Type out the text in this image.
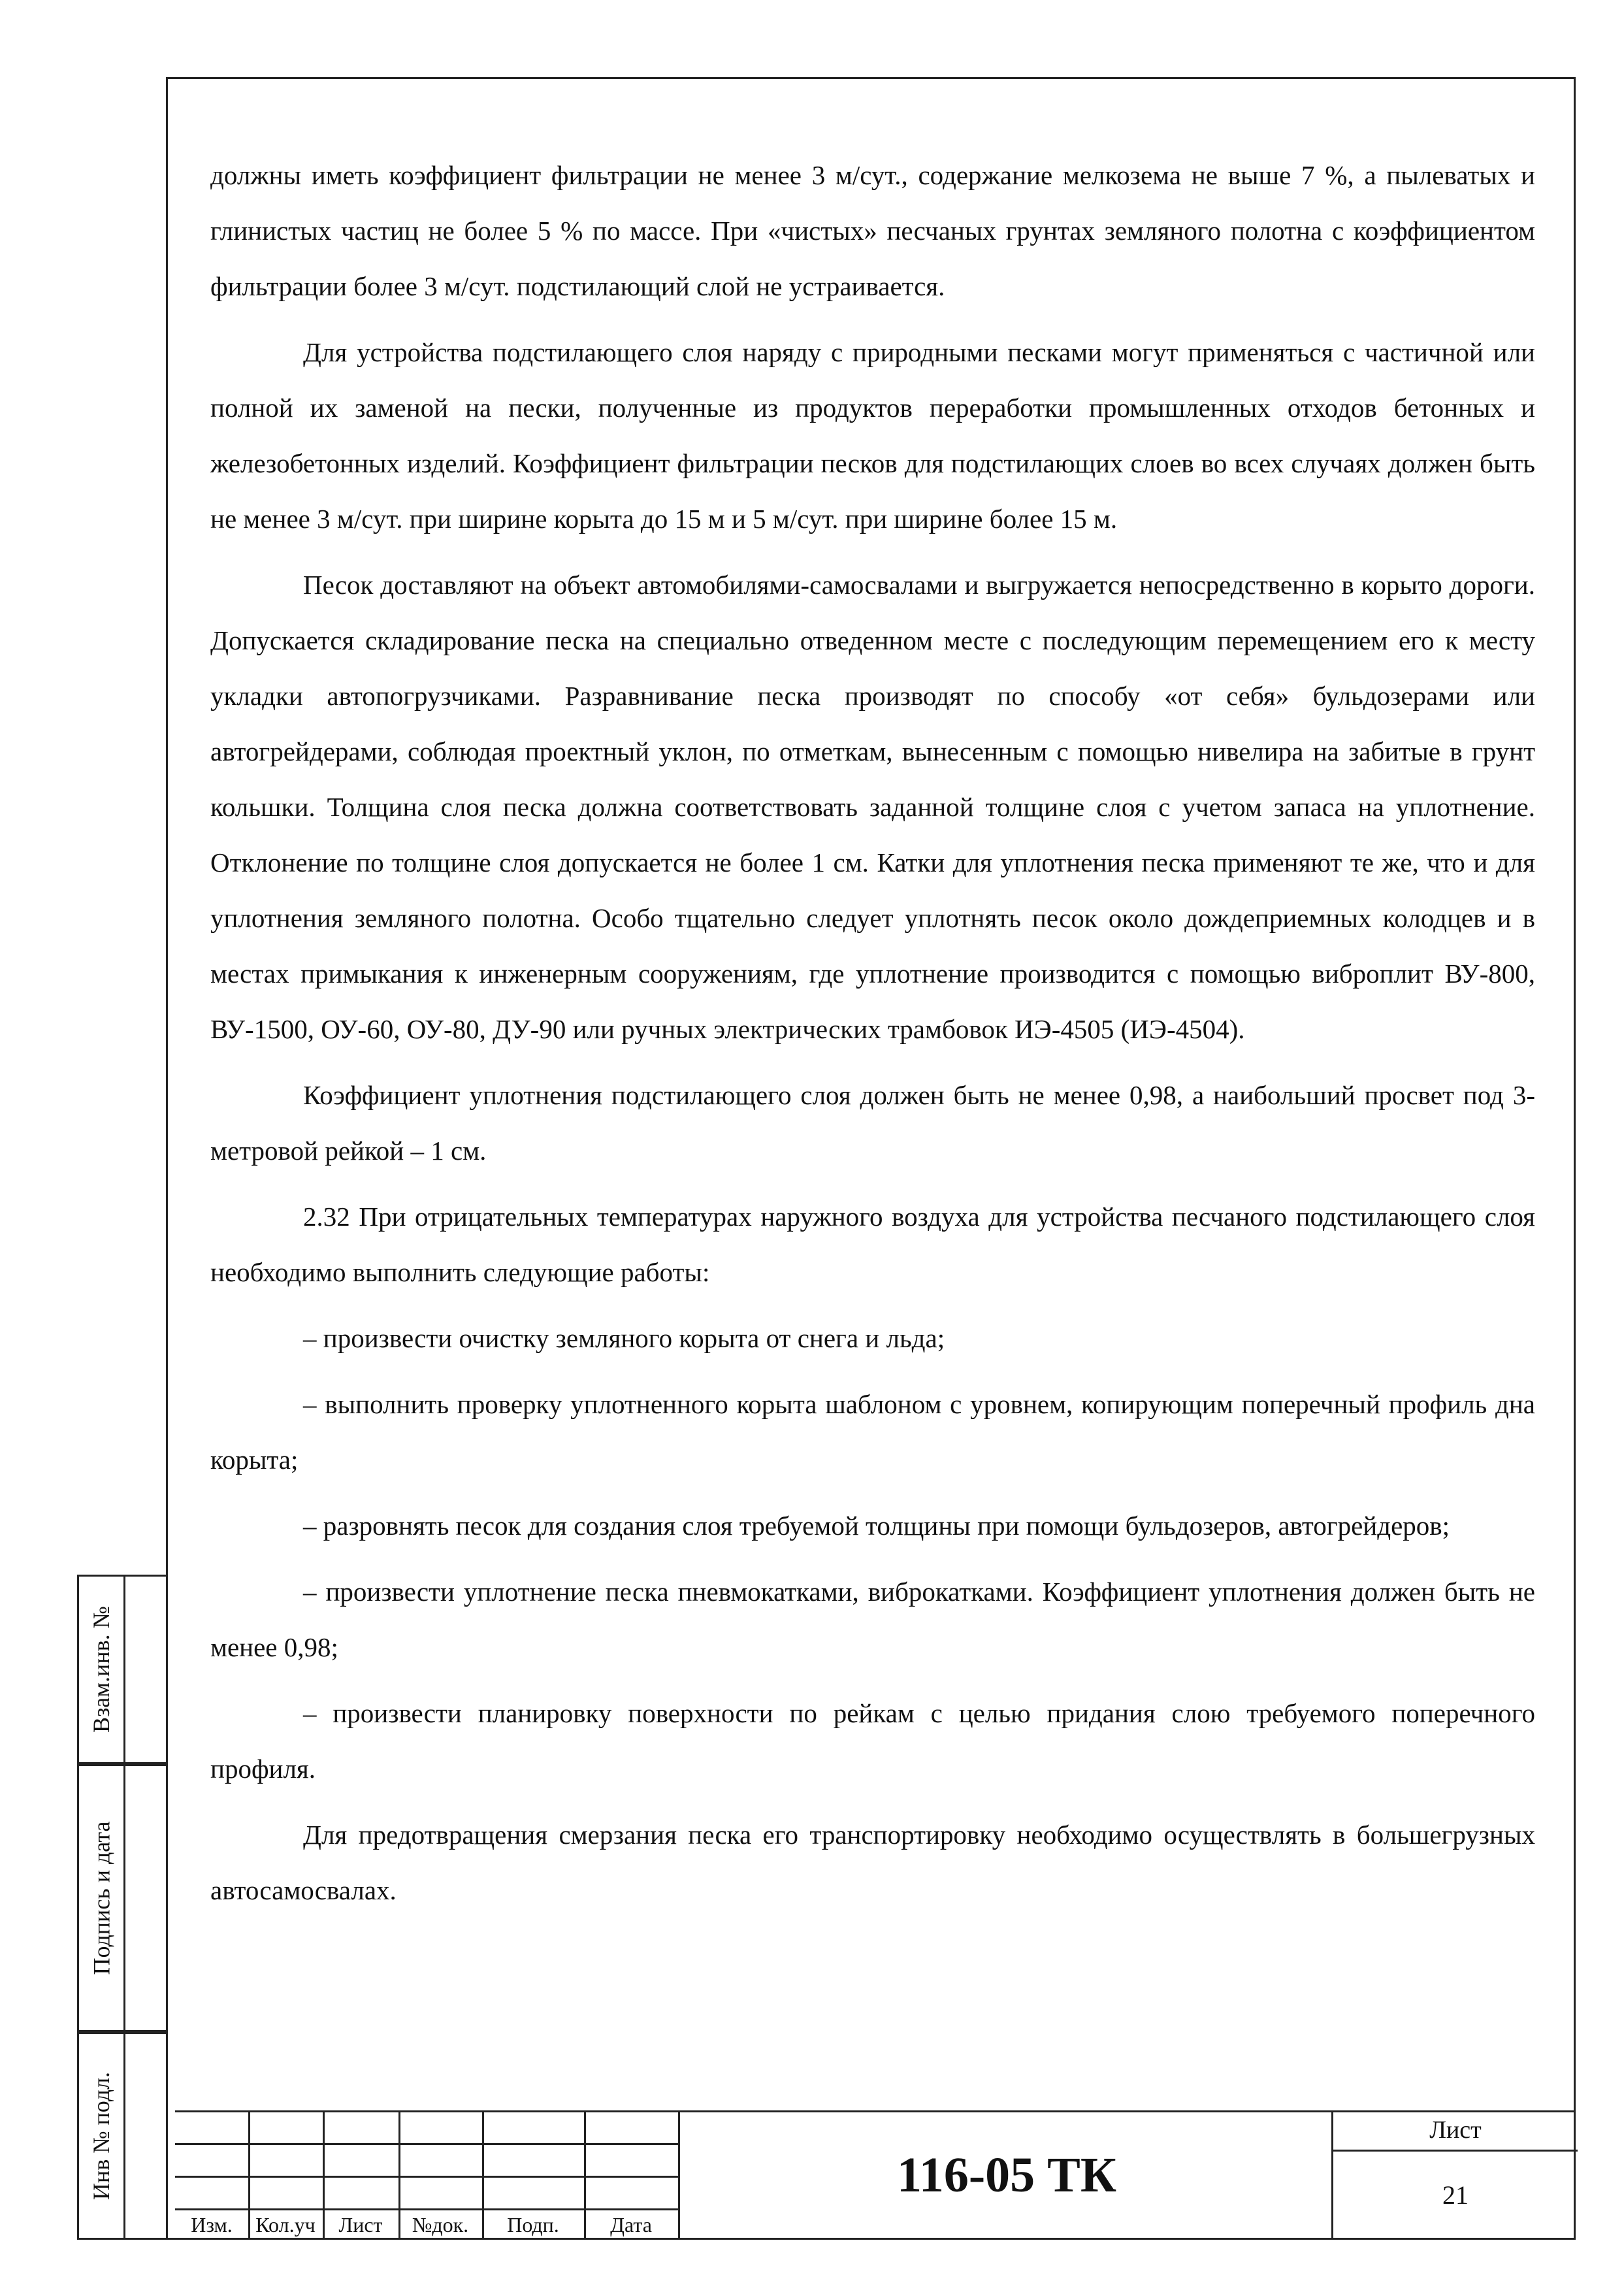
должны иметь коэффициент фильтрации не менее 3 м/сут., содержание мелкозема не выше 7 %, а пылеватых и глинистых частиц не более 5 % по массе. При «чистых» песчаных грунтах земляного полотна с коэффициентом фильтрации более 3 м/сут. подстилающий слой не устраивается.

Для устройства подстилающего слоя наряду с природными песками могут применяться с частичной или полной их заменой на пески, полученные из продуктов переработки промышленных отходов бетонных и железобетонных изделий. Коэффициент фильтрации песков для подстилающих слоев во всех случаях должен быть не менее 3 м/сут. при ширине корыта до 15 м и 5 м/сут. при ширине более 15 м.

Песок доставляют на объект автомобилями-самосвалами и выгружается непосредственно в корыто дороги. Допускается складирование песка на специально отведенном месте с последующим перемещением его к месту укладки автопогрузчиками. Разравнивание песка производят по способу «от себя» бульдозерами или автогрейдерами, соблюдая проектный уклон, по отметкам, вынесенным с помощью нивелира на забитые в грунт кольшки. Толщина слоя песка должна соответствовать заданной толщине слоя с учетом запаса на уплотнение. Отклонение по толщине слоя допускается не более 1 см. Катки для уплотнения песка применяют те же, что и для уплотнения земляного полотна. Особо тщательно следует уплотнять песок около дождеприемных колодцев и в местах примыкания к инженерным сооружениям, где уплотнение производится с помощью виброплит ВУ-800, ВУ-1500, ОУ-60, ОУ-80, ДУ-90 или ручных электрических трамбовок ИЭ-4505 (ИЭ-4504).

Коэффициент уплотнения подстилающего слоя должен быть не менее 0,98, а наибольший просвет под 3-метровой рейкой – 1 см.

2.32 При отрицательных температурах наружного воздуха для устройства песчаного подстилающего слоя необходимо выполнить следующие работы:

– произвести очистку земляного корыта от снега и льда;

– выполнить проверку уплотненного корыта шаблоном с уровнем, копирующим поперечный профиль дна корыта;

– разровнять песок для создания слоя требуемой толщины при помощи бульдозеров, автогрейдеров;

– произвести уплотнение песка пневмокатками, виброкатками. Коэффициент уплотнения должен быть не менее 0,98;

– произвести планировку поверхности по рейкам с целью придания слою требуемого поперечного профиля.

Для предотвращения смерзания песка его транспортировку необходимо осуществлять в большегрузных автосамосвалах.

Взам.инв. №
Подпись и дата
Инв № подл.
Изм.	Кол.уч	Лист	№док.	Подп.	Дата
116-05 ТК
Лист
21
